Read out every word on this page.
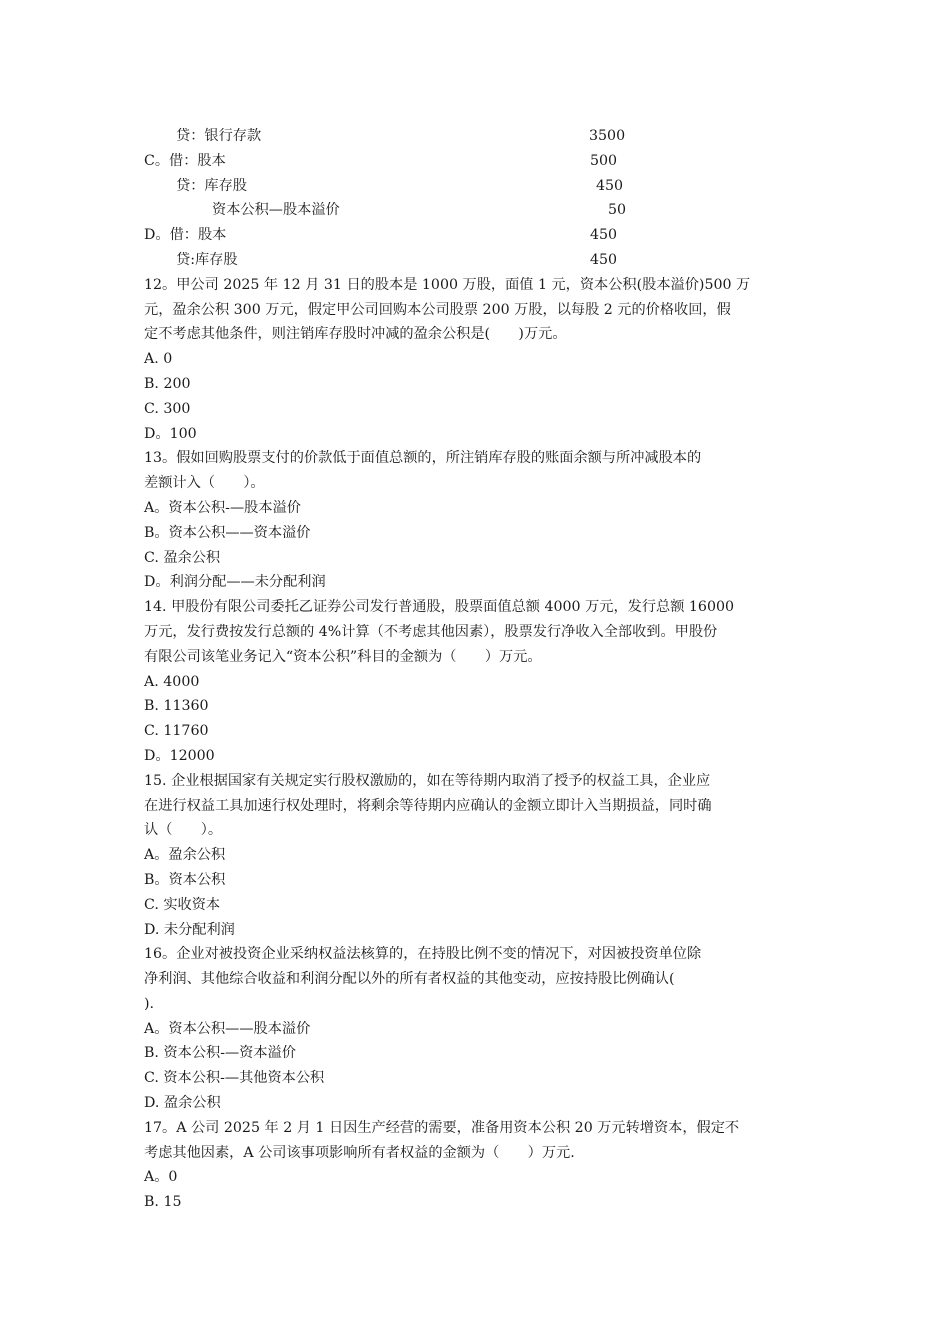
贷：银行存款	3500
C。借：股本	500
贷：库存股	450
资本公积—股本溢价	50
D。借：股本	450
贷:库存股	450
12。甲公司 2025 年 12 月 31 日的股本是 1000 万股，面值 1 元，资本公积(股本溢价)500 万
元，盈余公积 300 万元，假定甲公司回购本公司股票 200 万股，以每股 2 元的价格收回，假
定不考虑其他条件，则注销库存股时冲减的盈余公积是(　　)万元。
A. 0
B. 200
C. 300
D。100
13。假如回购股票支付的价款低于面值总额的，所注销库存股的账面余额与所冲减股本的
差额计入（　　）。
A。资本公积-—股本溢价
B。资本公积——资本溢价
C. 盈余公积
D。利润分配——未分配利润
14. 甲股份有限公司委托乙证券公司发行普通股，股票面值总额 4000 万元，发行总额 16000
万元，发行费按发行总额的 4%计算（不考虑其他因素），股票发行净收入全部收到。甲股份
有限公司该笔业务记入“资本公积”科目的金额为（　　）万元。
A. 4000
B. 11360
C. 11760
D。12000
15. 企业根据国家有关规定实行股权激励的，如在等待期内取消了授予的权益工具，企业应
在进行权益工具加速行权处理时，将剩余等待期内应确认的金额立即计入当期损益，同时确
认（　　）。
A。盈余公积
B。资本公积
C. 实收资本
D. 未分配利润
16。企业对被投资企业采纳权益法核算的，在持股比例不变的情况下，对因被投资单位除
净利润、其他综合收益和利润分配以外的所有者权益的其他变动，应按持股比例确认(
).
A。资本公积——股本溢价
B. 资本公积-—资本溢价
C. 资本公积-—其他资本公积
D. 盈余公积
17。A 公司 2025 年 2 月 1 日因生产经营的需要，准备用资本公积 20 万元转增资本，假定不
考虑其他因素，A 公司该事项影响所有者权益的金额为（　　）万元.
A。0
B. 15
